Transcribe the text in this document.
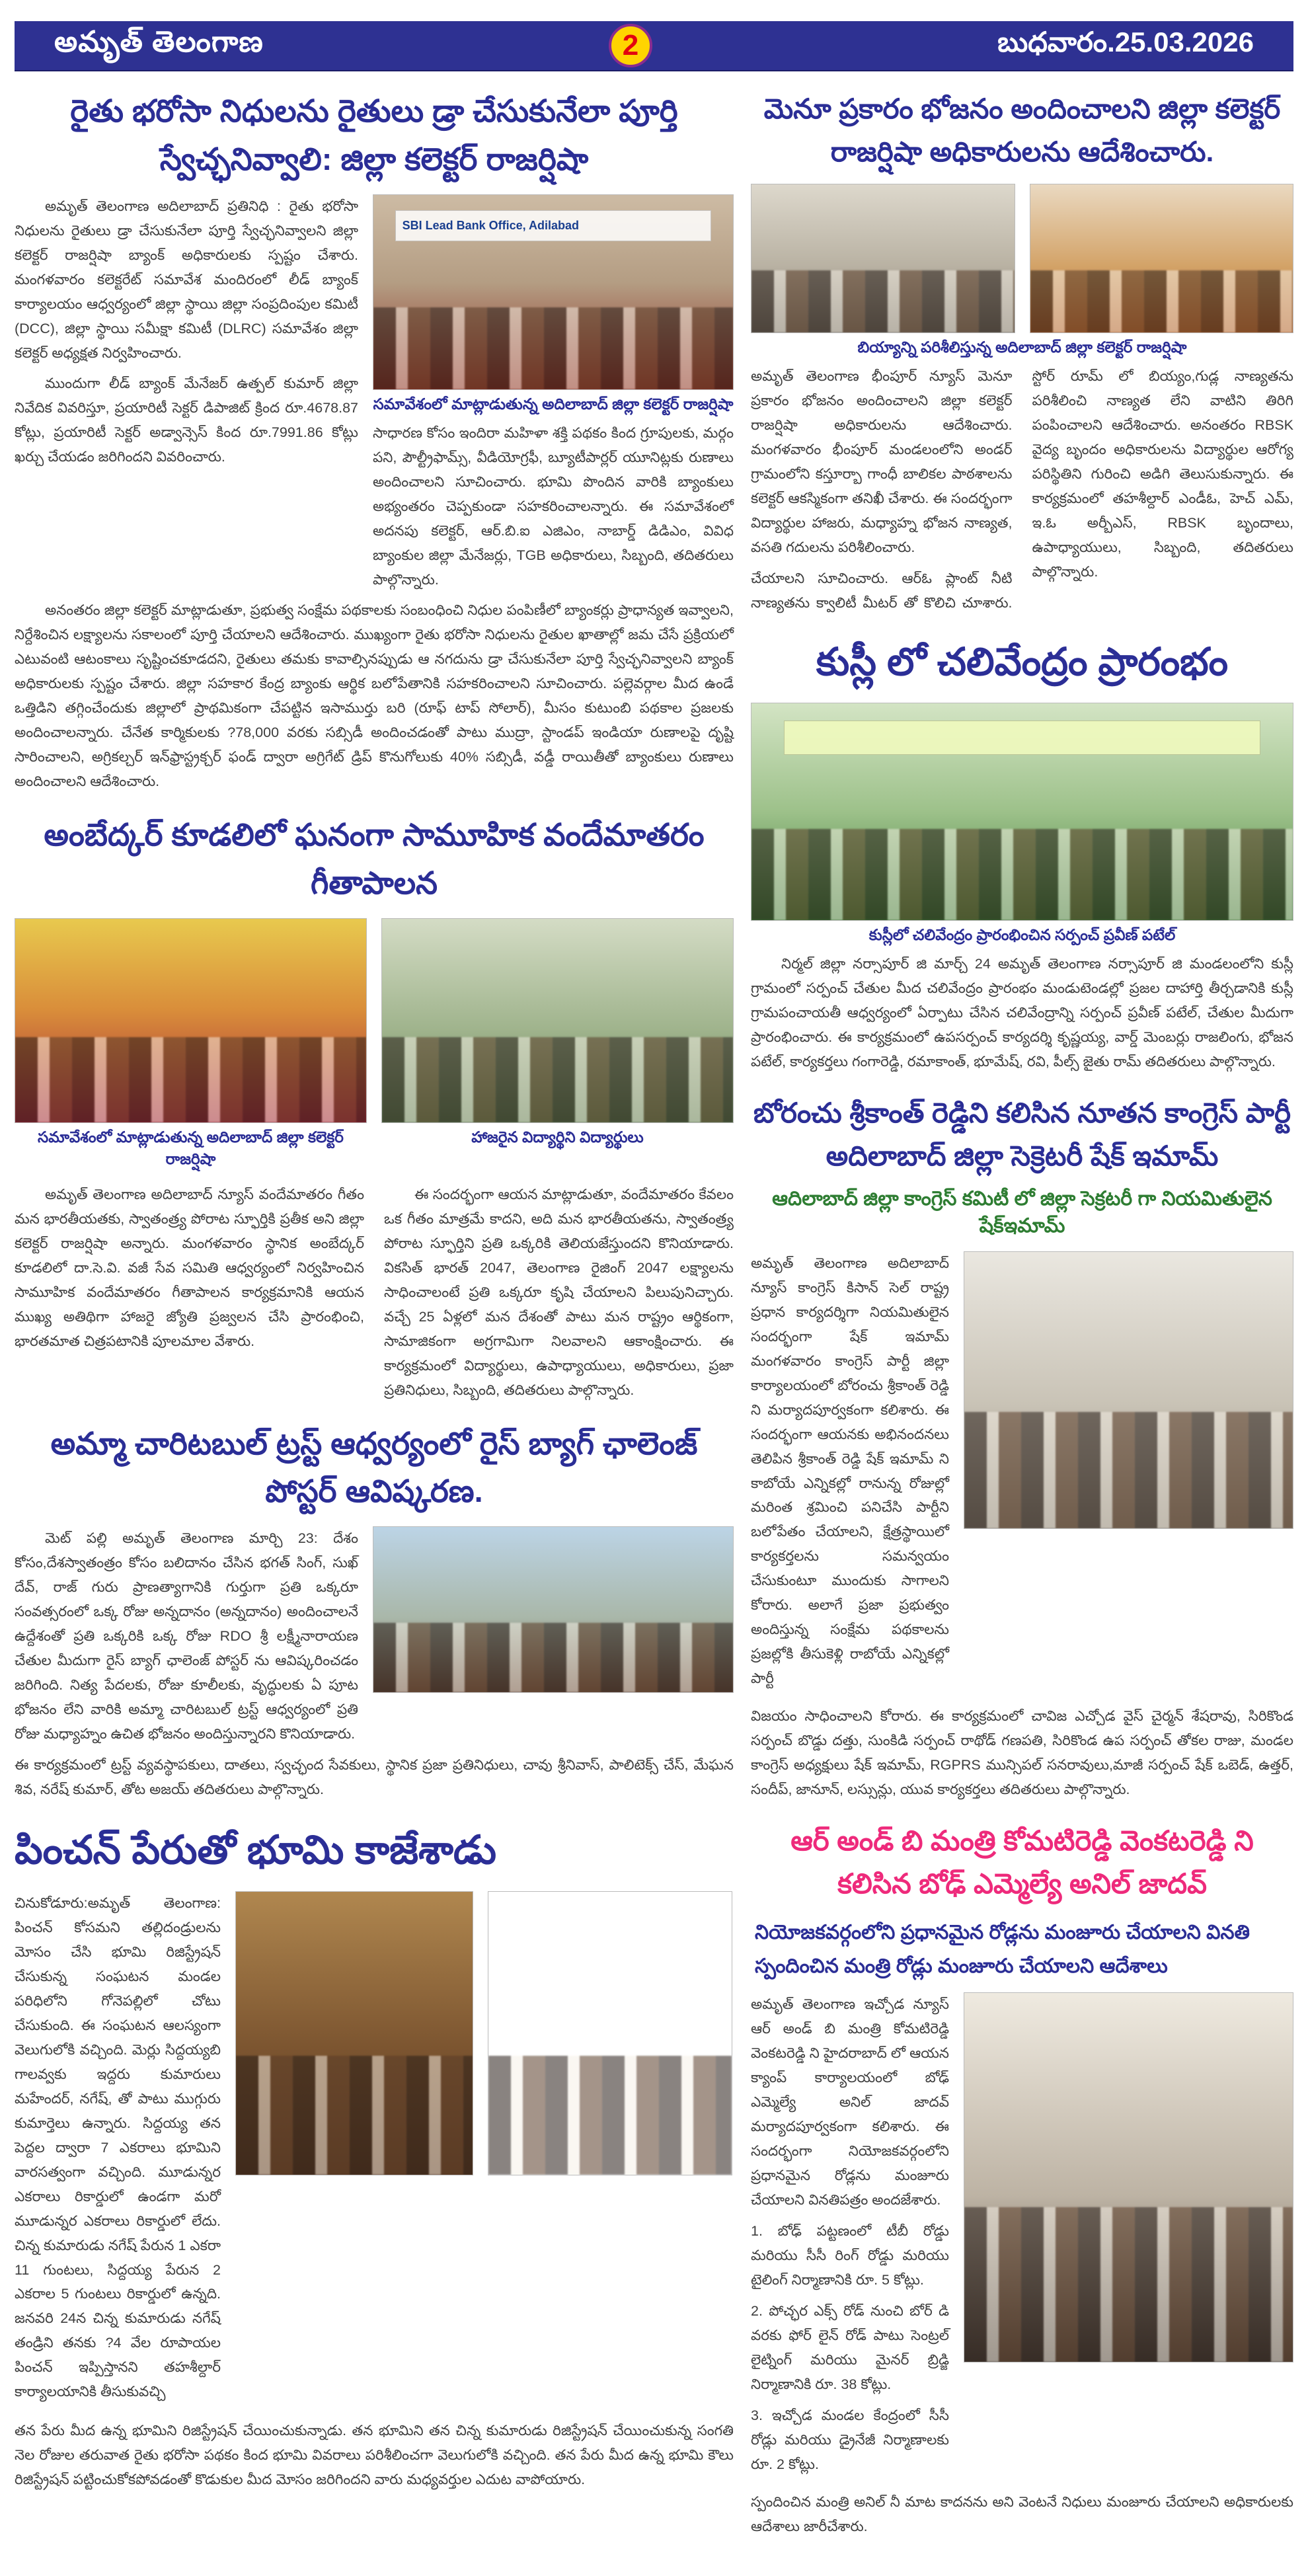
అమృత్ తెలంగాణ	2	బుధవారం.25.03.2026
రైతు భరోసా నిధులను రైతులు డ్రా చేసుకునేలా పూర్తి స్వేచ్ఛనివ్వాలి: జిల్లా కలెక్టర్ రాజర్షిషా

అమృత్ తెలంగాణ అదిలాబాద్ ప్రతినిధి : రైతు భరోసా నిధులను రైతులు డ్రా చేసుకునేలా పూర్తి స్వేచ్ఛనివ్వాలని జిల్లా కలెక్టర్ రాజర్షిషా బ్యాంక్ అధికారులకు స్పష్టం చేశారు. మంగళవారం కలెక్టరేట్ సమావేశ మందిరంలో లీడ్ బ్యాంక్ కార్యాలయం ఆధ్వర్యంలో జిల్లా స్థాయి జిల్లా సంప్రదింపుల కమిటీ (DCC), జిల్లా స్థాయి సమీక్షా కమిటీ (DLRC) సమావేశం జిల్లా కలెక్టర్ అధ్యక్షత నిర్వహించారు.

ముందుగా లీడ్ బ్యాంక్ మేనేజర్ ఉత్పల్ కుమార్ జిల్లా నివేదిక వివరిస్తూ, ప్రయారిటీ సెక్టర్ డిపాజిట్ క్రింద రూ.4678.87 కోట్లు, ప్రయారిటీ సెక్టర్ అడ్వాన్సెస్ కింద రూ.7991.86 కోట్లు ఖర్చు చేయడం జరిగిందని వివరించారు.

SBI Lead Bank Office, Adilabad
సమావేశంలో మాట్లాడుతున్న అదిలాబాద్ జిల్లా కలెక్టర్ రాజర్షిషా

సాధారణ కోసం ఇందిరా మహిళా శక్తి పథకం కింద గ్రూపులకు, మర్గం పని, పౌల్ట్రీఫామ్స్, వీడియోగ్రఫీ, బ్యూటీపార్లర్ యూనిట్లకు రుణాలు అందించాలని సూచించారు. భూమి పొందిన వారికి బ్యాంకులు అభ్యంతరం చెప్పకుండా సహకరించాలన్నారు. ఈ సమావేశంలో అదనపు కలెక్టర్, ఆర్.బి.ఐ ఎజిఎం, నాబార్డ్ డిడిఎం, వివిధ బ్యాంకుల జిల్లా మేనేజర్లు, TGB అధికారులు, సిబ్బంది, తదితరులు పాల్గొన్నారు.

అనంతరం జిల్లా కలెక్టర్ మాట్లాడుతూ, ప్రభుత్వ సంక్షేమ పథకాలకు సంబంధించి నిధుల పంపిణీలో బ్యాంకర్లు ప్రాధాన్యత ఇవ్వాలని, నిర్దేశించిన లక్ష్యాలను సకాలంలో పూర్తి చేయాలని ఆదేశించారు. ముఖ్యంగా రైతు భరోసా నిధులను రైతుల ఖాతాల్లో జమ చేసే ప్రక్రియలో ఎటువంటి ఆటంకాలు సృష్టించకూడదని, రైతులు తమకు కావాల్సినప్పుడు ఆ నగదును డ్రా చేసుకునేలా పూర్తి స్వేచ్ఛనివ్వాలని బ్యాంక్ అధికారులకు స్పష్టం చేశారు. జిల్లా సహకార కేంద్ర బ్యాంకు ఆర్థిక బలోపేతానికి సహకరించాలని సూచించారు. పల్లెవర్గాల మీద ఉండే ఒత్తిడిని తగ్గించేందుకు జిల్లాలో ప్రాథమికంగా చేపట్టిన ఇసాముర్తు బరి (రూఫ్ టాప్ సోలార్), మీసం కుటుంబి పథకాల ప్రజలకు అందించాలన్నారు. చేనేత కార్మికులకు ?78,000 వరకు సబ్సిడీ అందించడంతో పాటు ముద్రా, స్టాండప్ ఇండియా రుణాలపై దృష్టి సారించాలని, అగ్రికల్చర్ ఇన్‌ఫ్రాస్ట్రక్చర్ ఫండ్ ద్వారా అగ్రిగేట్ డ్రిప్ కొనుగోలుకు 40% సబ్సిడీ, వడ్డీ రాయితీతో బ్యాంకులు రుణాలు అందించాలని ఆదేశించారు.

అంబేద్కర్ కూడలిలో ఘనంగా సామూహిక వందేమాతరం గీతాపాలన
సమావేశంలో మాట్లాడుతున్న అదిలాబాద్ జిల్లా కలెక్టర్ రాజర్షిషా
హాజరైన విద్యార్థిని విద్యార్థులు

అమృత్ తెలంగాణ అదిలాబాద్ న్యూస్ వందేమాతరం గీతం మన భారతీయతకు, స్వాతంత్ర్య పోరాట స్ఫూర్తికి ప్రతీక అని జిల్లా కలెక్టర్ రాజర్షిషా అన్నారు. మంగళవారం స్థానిక అంబేద్కర్ కూడలిలో దా.సె.వి. వజీ సేవ సమితి ఆధ్వర్యంలో నిర్వహించిన సామూహిక వందేమాతరం గీతాపాలన కార్యక్రమానికి ఆయన ముఖ్య అతిథిగా హాజరై జ్యోతి ప్రజ్వలన చేసి ప్రారంభించి, భారతమాత చిత్రపటానికి పూలమాల వేశారు.

ఈ సందర్భంగా ఆయన మాట్లాడుతూ, వందేమాతరం కేవలం ఒక గీతం మాత్రమే కాదని, అది మన భారతీయతను, స్వాతంత్ర్య పోరాట స్ఫూర్తిని ప్రతి ఒక్కరికి తెలియజేస్తుందని కొనియాడారు. వికసిత్ భారత్ 2047, తెలంగాణ రైజింగ్ 2047 లక్ష్యాలను సాధించాలంటే ప్రతి ఒక్కరూ కృషి చేయాలని పిలుపునిచ్చారు. వచ్చే 25 ఏళ్లలో మన దేశంతో పాటు మన రాష్ట్రం ఆర్థికంగా, సామాజికంగా అగ్రగామిగా నిలవాలని ఆకాంక్షించారు. ఈ కార్యక్రమంలో విద్యార్థులు, ఉపాధ్యాయులు, అధికారులు, ప్రజా ప్రతినిధులు, సిబ్బంది, తదితరులు పాల్గొన్నారు.

అమ్మా చారిటబుల్ ట్రస్ట్ ఆధ్వర్యంలో రైస్ బ్యాగ్ ఛాలెంజ్ పోస్టర్ ఆవిష్కరణ.

మెట్ పల్లి అమృత్ తెలంగాణ మార్చి 23: దేశం కోసం,దేశస్వాతంత్రం కోసం బలిదానం చేసిన భగత్ సింగ్, సుఖ్ దేవ్, రాజ్ గురు ప్రాణత్యాగానికి గుర్తుగా ప్రతి ఒక్కరూ సంవత్సరంలో ఒక్క రోజు అన్నదానం (అన్నదానం) అందించాలనే ఉద్దేశంతో ప్రతి ఒక్కరికి ఒక్క రోజు RDO శ్రీ లక్ష్మీనారాయణ చేతుల మీదుగా రైస్ బ్యాగ్ ఛాలెంజ్ పోస్టర్ ను ఆవిష్కరించడం జరిగింది. నిత్య పేదలకు, రోజు కూలీలకు, వృద్ధులకు ఏ పూట భోజనం లేని వారికి అమ్మా చారిటబుల్ ట్రస్ట్ ఆధ్వర్యంలో ప్రతి రోజు మధ్యాహ్నం ఉచిత భోజనం అందిస్తున్నారని కొనియాడారు.

ఈ కార్యక్రమంలో ట్రస్ట్ వ్యవస్థాపకులు, దాతలు, స్వచ్ఛంద సేవకులు, స్థానిక ప్రజా ప్రతినిధులు, చావు శ్రీనివాస్, పాలిటెక్స్ చేస్, మేఘన శివ, నరేష్ కుమార్, తోట అజయ్ తదితరులు పాల్గొన్నారు.

పించన్ పేరుతో భూమి కాజేశాడు

చినుకోడూరు:అమృత్ తెలంగాణ: పించన్ కోసమని తల్లిదండ్రులను మోసం చేసి భూమి రిజిస్ట్రేషన్ చేసుకున్న సంఘటన మండల పరిధిలోని గోనెపల్లిలో చోటు చేసుకుంది. ఈ సంఘటన ఆలస్యంగా వెలుగులోకి వచ్చింది. మెర్లు సిద్దయ్యబి గాలవ్వకు ఇద్దరు కుమారులు మహేందర్, నగేష్, తో పాటు ముగ్గురు కుమార్తెలు ఉన్నారు. సిద్దయ్య తన పెద్దల ద్వారా 7 ఎకరాలు భూమిని వారసత్వంగా వచ్చింది. మూడున్నర ఎకరాలు రికార్డులో ఉండగా మరో మూడున్నర ఎకరాలు రికార్డులో లేదు. చిన్న కుమారుడు నగేష్ పేరున 1 ఎకరా 11 గుంటలు, సిద్దయ్య పేరున 2 ఎకరాల 5 గుంటలు రికార్డులో ఉన్నది. జనవరి 24న చిన్న కుమారుడు నగేష్ తండ్రిని తనకు ?4 వేల రూపాయల పించన్ ఇప్పిస్తానని తహశీల్దార్ కార్యాలయానికి తీసుకువచ్చి

తన పేరు మీద ఉన్న భూమిని రిజిస్ట్రేషన్ చేయించుకున్నాడు. తన భూమిని తన చిన్న కుమారుడు రిజిస్ట్రేషన్ చేయించుకున్న సంగతి నెల రోజుల తరువాత రైతు భరోసా పథకం కింద భూమి వివరాలు పరిశీలించగా వెలుగులోకి వచ్చింది. తన పేరు మీద ఉన్న భూమి కౌలు రిజిస్ట్రేషన్ పట్టించుకోకపోవడంతో కొడుకుల మీద మోసం జరిగిందని వారు మధ్యవర్తుల ఎదుట వాపోయారు.

మెనూ ప్రకారం భోజనం అందించాలని జిల్లా కలెక్టర్ రాజర్షిషా అధికారులను ఆదేశించారు.
బియ్యాన్ని పరిశీలిస్తున్న అదిలాబాద్ జిల్లా కలెక్టర్ రాజర్షిషా

అమృత్ తెలంగాణ భీంపూర్ న్యూస్ మెనూ ప్రకారం భోజనం అందించాలని జిల్లా కలెక్టర్ రాజర్షిషా అధికారులను ఆదేశించారు. మంగళవారం భీంపూర్ మండలంలోని అండర్ గ్రామంలోని కస్తూర్బా గాంధీ బాలికల పాఠశాలను కలెక్టర్ ఆకస్మికంగా తనిఖీ చేశారు. ఈ సందర్భంగా విద్యార్థుల హాజరు, మధ్యాహ్న భోజన నాణ్యత, వసతి గదులను పరిశీలించారు.

చేయాలని సూచించారు. ఆర్ఓ ప్లాంట్ నీటి నాణ్యతను క్వాలిటీ మీటర్ తో కొలిచి చూశారు. స్టోర్ రూమ్ లో బియ్యం,గుడ్ల నాణ్యతను పరిశీలించి నాణ్యత లేని వాటిని తిరిగి పంపించాలని ఆదేశించారు. అనంతరం RBSK వైద్య బృందం అధికారులను విద్యార్థుల ఆరోగ్య పరిస్థితిని గురించి అడిగి తెలుసుకున్నారు. ఈ కార్యక్రమంలో తహశీల్దార్ ఎండీఓ, హెచ్ ఎమ్, ఇ.ఓ అర్బీఎస్, RBSK బృందాలు, ఉపాధ్యాయులు, సిబ్బంది, తదితరులు పాల్గొన్నారు.

కుస్లీ లో చలివేంద్రం ప్రారంభం
కుస్లీలో చలివేంద్రం ప్రారంభించిన సర్పంచ్ ప్రవీణ్ పటేల్

నిర్మల్ జిల్లా నర్సాపూర్ జి మార్చ్ 24 అమృత్ తెలంగాణ నర్సాపూర్ జి మండలంలోని కుస్లీ గ్రామంలో సర్పంచ్ చేతుల మీద చలివేంద్రం ప్రారంభం మండుటెండల్లో ప్రజల దాహార్తి తీర్చడానికి కుస్లీ గ్రామపంచాయతీ ఆధ్వర్యంలో ఏర్పాటు చేసిన చలివేంద్రాన్ని సర్పంచ్ ప్రవీణ్ పటేల్, చేతుల మీదుగా ప్రారంభించారు. ఈ కార్యక్రమంలో ఉపసర్పంచ్ కార్యదర్శి కృష్ణయ్య, వార్డ్ మెంబర్లు రాజలింగు, భోజన పటేల్, కార్యకర్తలు గంగారెడ్డి, రమాకాంత్, భూమేష్, రవి, పీల్స్ జైతు రామ్ తదితరులు పాల్గొన్నారు.

బోరంచు శ్రీకాంత్ రెడ్డిని కలిసిన నూతన కాంగ్రెస్ పార్టీ అదిలాబాద్ జిల్లా సెక్రెటరీ షేక్ ఇమామ్
ఆదిలాబాద్ జిల్లా కాంగ్రెస్ కమిటీ లో జిల్లా సెక్రటరీ గా నియమితులైన షేక్ఇమామ్

అమృత్ తెలంగాణ అదిలాబాద్ న్యూస్ కాంగ్రెస్ కిసాన్ సెల్ రాష్ట్ర ప్రధాన కార్యదర్శిగా నియమితులైన సందర్భంగా షేక్ ఇమామ్ మంగళవారం కాంగ్రెస్ పార్టీ జిల్లా కార్యాలయంలో బోరంచు శ్రీకాంత్ రెడ్డి ని మర్యాదపూర్వకంగా కలిశారు. ఈ సందర్భంగా ఆయనకు అభినందనలు తెలిపిన శ్రీకాంత్ రెడ్డి షేక్ ఇమామ్ ని కాబోయే ఎన్నికల్లో రానున్న రోజుల్లో మరింత శ్రమించి పనిచేసి పార్టీని బలోపేతం చేయాలని, క్షేత్రస్థాయిలో కార్యకర్తలను సమన్వయం చేసుకుంటూ ముందుకు సాగాలని కోరారు. అలాగే ప్రజా ప్రభుత్వం అందిస్తున్న సంక్షేమ పథకాలను ప్రజల్లోకి తీసుకెళ్లి రాబోయే ఎన్నికల్లో పార్టీ

విజయం సాధించాలని కోరారు. ఈ కార్యక్రమంలో చావిజ ఎచ్చోడ వైస్ చైర్మన్ శేషరావు, సిరికొండ సర్పంచ్ బొడ్డు దత్తు, సుంకిడి సర్పంచ్ రాథోడ్ గణపతి, సిరికొండ ఉప సర్పంచ్ తోకల రాజు, మండల కాంగ్రెస్ అధ్యక్షులు షేక్ ఇమామ్, RGPRS మున్సిపల్ సనరావులు,మాజీ సర్పంచ్ షేక్ ఒబెడ్, ఉత్తర్, సందీప్, జానూన్, లస్సున్లు, యువ కార్యకర్తలు తదితరులు పాల్గొన్నారు.

ఆర్ అండ్ బి మంత్రి కోమటిరెడ్డి వెంకటరెడ్డి ని కలిసిన బోఢ్ ఎమ్మెల్యే అనిల్ జాదవ్
నియోజకవర్గంలోని ప్రధానమైన రోడ్లను మంజూరు చేయాలని వినతి స్పందించిన మంత్రి రోడ్లు మంజూరు చేయాలని ఆదేశాలు

అమృత్ తెలంగాణ ఇచ్చోడ న్యూస్ ఆర్ అండ్ బి మంత్రి కోమటిరెడ్డి వెంకటరెడ్డి ని హైదరాబాద్ లో ఆయన క్యాంప్ కార్యాలయంలో బోఢ్ ఎమ్మెల్యే అనిల్ జాదవ్ మర్యాదపూర్వకంగా కలిశారు. ఈ సందర్భంగా నియోజకవర్గంలోని ప్రధానమైన రోడ్లను మంజూరు చేయాలని వినతిపత్రం అందజేశారు.

1. బోఢ్ పట్టణంలో టీబీ రోడ్డు మరియు సీసీ రింగ్ రోడ్డు మరియు టైలింగ్ నిర్మాణానికి రూ. 5 కోట్లు.

2. పోచ్ఛర ఎక్స్ రోడ్ నుంచి బోర్ డి వరకు ఫోర్ లైన్ రోడ్ పాటు సెంట్రల్ లైట్నింగ్ మరియు మైనర్ బ్రిడ్జి నిర్మాణానికి రూ. 38 కోట్లు.

3. ఇచ్చోడ మండల కేంద్రంలో సీసీ రోడ్లు మరియు డ్రైనేజీ నిర్మాణాలకు రూ. 2 కోట్లు.

స్పందించిన మంత్రి అనిల్ నీ మాట కాదనను అని వెంటనే నిధులు మంజూరు చేయాలని అధికారులకు ఆదేశాలు జారీచేశారు.
